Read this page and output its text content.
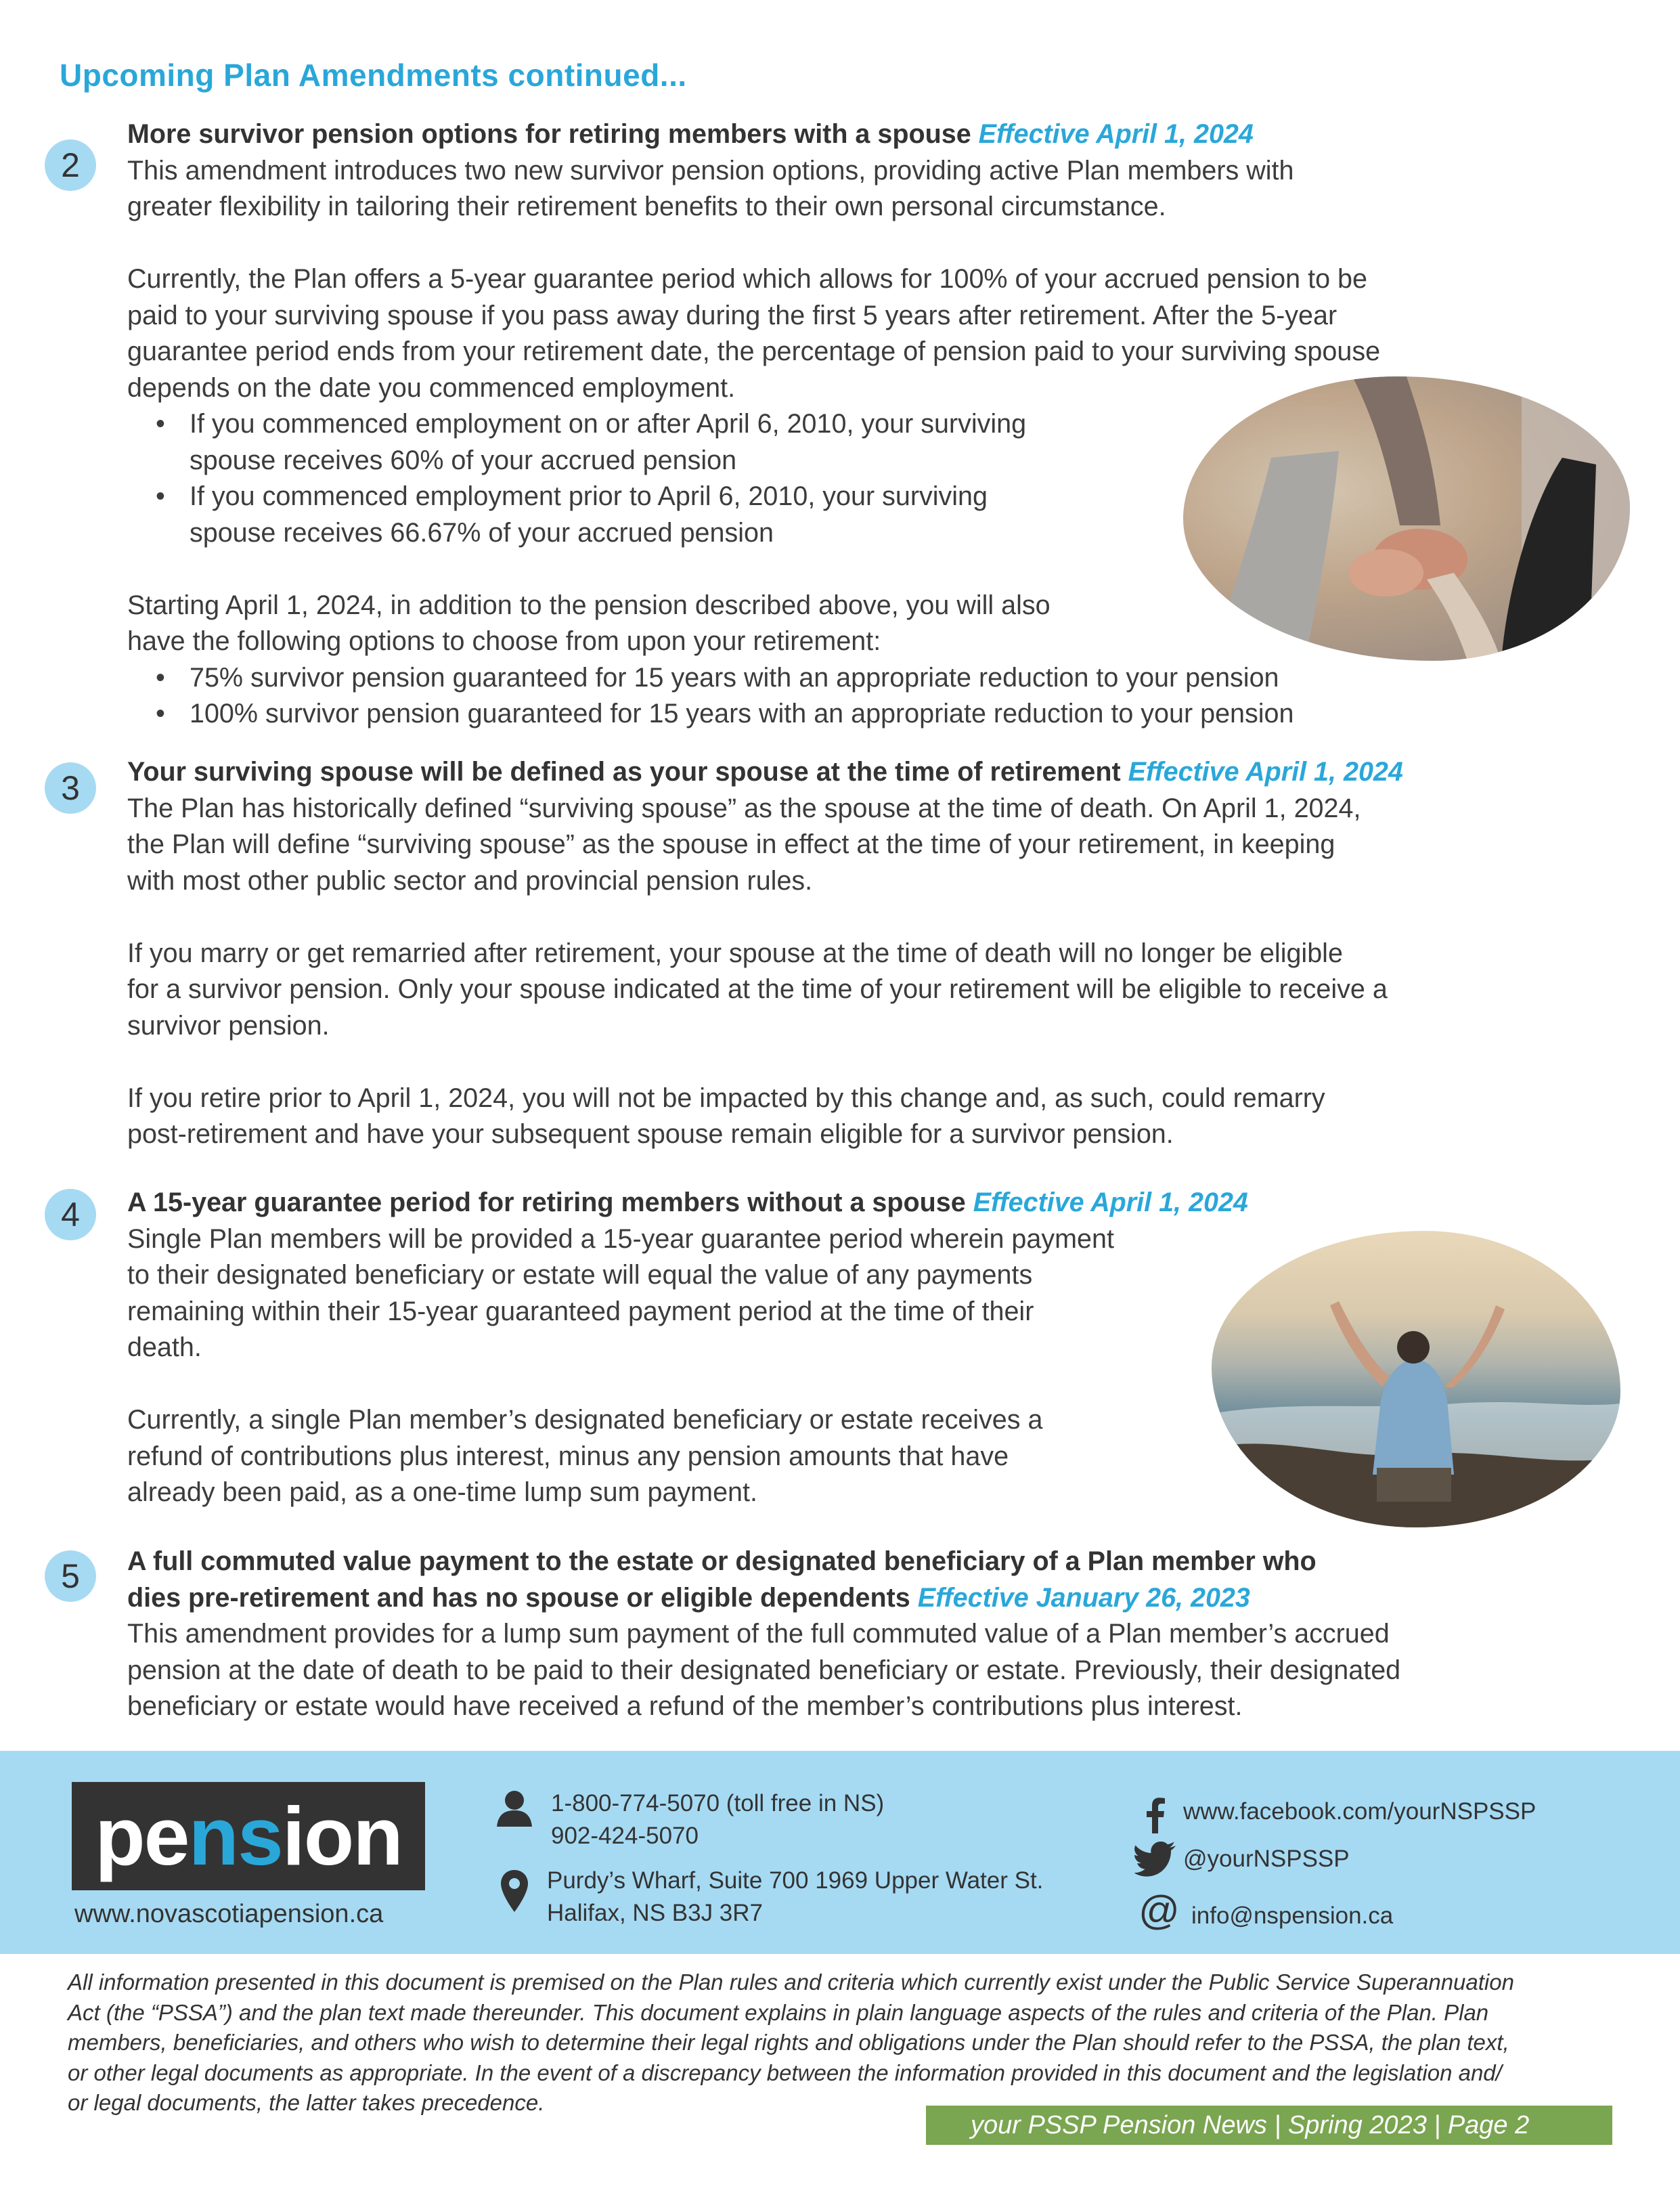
Upcoming Plan Amendments continued...
2

More survivor pension options for retiring members with a spouse Effective April 1, 2024

This amendment introduces two new survivor pension options, providing active Plan members with
greater flexibility in tailoring their retirement benefits to their own personal circumstance.

Currently, the Plan offers a 5-year guarantee period which allows for 100% of your accrued pension to be
paid to your surviving spouse if you pass away during the first 5 years after retirement. After the 5-year
guarantee period ends from your retirement date, the percentage of pension paid to your surviving spouse
depends on the date you commenced employment.

• If you commenced employment on or after April 6, 2010, your surviving
spouse receives 60% of your accrued pension
• If you commenced employment prior to April 6, 2010, your surviving
spouse receives 66.67% of your accrued pension

Starting April 1, 2024, in addition to the pension described above, you will also
have the following options to choose from upon your retirement:

• 75% survivor pension guaranteed for 15 years with an appropriate reduction to your pension
• 100% survivor pension guaranteed for 15 years with an appropriate reduction to your pension
3	Your surviving spouse will be defined as your spouse at the time of retirement Effective April 1, 2024

The Plan has historically defined “surviving spouse” as the spouse at the time of death. On April 1, 2024,
the Plan will define “surviving spouse” as the spouse in effect at the time of your retirement, in keeping
with most other public sector and provincial pension rules.

If you marry or get remarried after retirement, your spouse at the time of death will no longer be eligible
for a survivor pension. Only your spouse indicated at the time of your retirement will be eligible to receive a
survivor pension.

If you retire prior to April 1, 2024, you will not be impacted by this change and, as such, could remarry
post-retirement and have your subsequent spouse remain eligible for a survivor pension.

4	A 15-year guarantee period for retiring members without a spouse Effective April 1, 2024

Single Plan members will be provided a 15-year guarantee period wherein payment
to their designated beneficiary or estate will equal the value of any payments
remaining within their 15-year guaranteed payment period at the time of their
death.

Currently, a single Plan member’s designated beneficiary or estate receives a
refund of contributions plus interest, minus any pension amounts that have
already been paid, as a one-time lump sum payment.

5	A full commuted value payment to the estate or designated beneficiary of a Plan member who
dies pre-retirement and has no spouse or eligible dependents Effective January 26, 2023

This amendment provides for a lump sum payment of the full commuted value of a Plan member’s accrued
pension at the date of death to be paid to their designated beneficiary or estate. Previously, their designated
beneficiary or estate would have received a refund of the member’s contributions plus interest.

pension
www.novascotiapension.ca
1-800-774-5070 (toll free in NS)
902-424-5070
Purdy’s Wharf, Suite 700 1969 Upper Water St.
Halifax, NS B3J 3R7
www.facebook.com/yourNSPSSP
@yourNSPSSP
@ info@nspension.ca
All information presented in this document is premised on the Plan rules and criteria which currently exist under the Public Service Superannuation
Act (the “PSSA”) and the plan text made thereunder. This document explains in plain language aspects of the rules and criteria of the Plan. Plan
members, beneficiaries, and others who wish to determine their legal rights and obligations under the Plan should refer to the PSSA, the plan text,
or other legal documents as appropriate. In the event of a discrepancy between the information provided in this document and the legislation and/
or legal documents, the latter takes precedence.
your PSSP Pension News | Spring 2023 | Page 2
